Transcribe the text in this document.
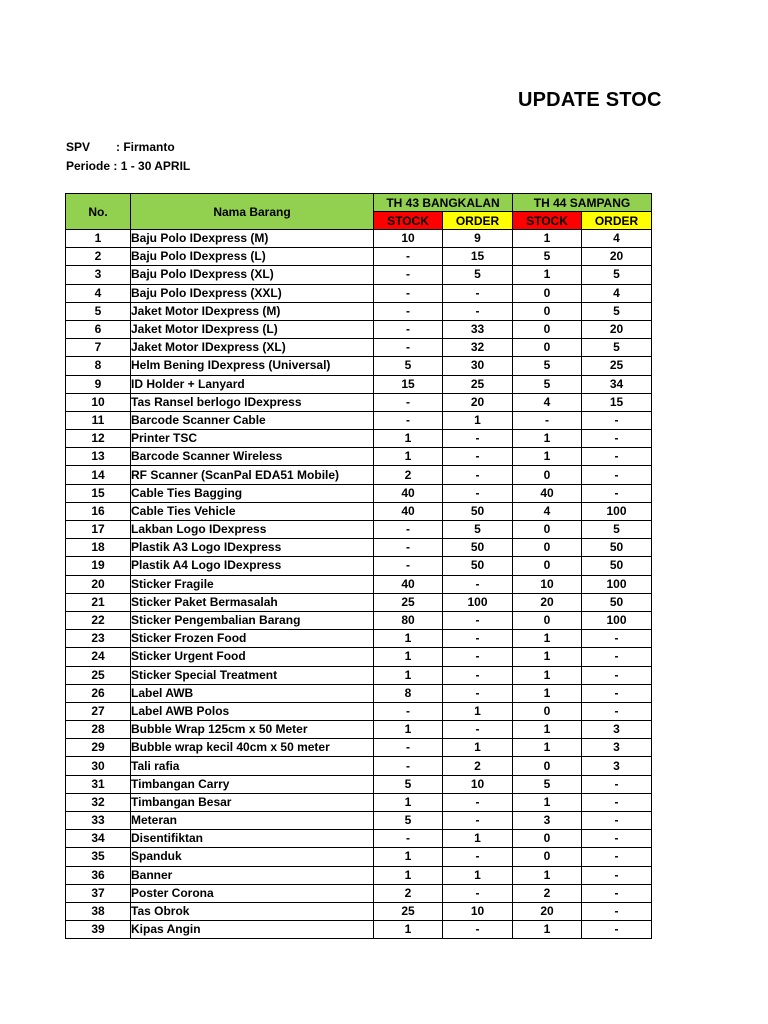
UPDATE STOC
SPV : Firmanto
Periode : 1 - 30 APRIL
No.	Nama Barang	TH 43 BANGKALAN		TH 44 SAMPANG	
		STOCK	ORDER	STOCK	ORDER
1	Baju Polo IDexpress (M)	10	9	1	4
2	Baju Polo IDexpress (L)	-	15	5	20
3	Baju Polo IDexpress (XL)	-	5	1	5
4	Baju Polo IDexpress (XXL)	-	-	0	4
5	Jaket Motor IDexpress (M)	-	-	0	5
6	Jaket Motor IDexpress (L)	-	33	0	20
7	Jaket Motor IDexpress (XL)	-	32	0	5
8	Helm Bening IDexpress (Universal)	5	30	5	25
9	ID Holder + Lanyard	15	25	5	34
10	Tas Ransel berlogo IDexpress	-	20	4	15
11	Barcode Scanner Cable	-	1	-	-
12	Printer TSC	1	-	1	-
13	Barcode Scanner Wireless	1	-	1	-
14	RF Scanner (ScanPal EDA51 Mobile)	2	-	0	-
15	Cable Ties Bagging	40	-	40	-
16	Cable Ties Vehicle	40	50	4	100
17	Lakban Logo IDexpress	-	5	0	5
18	Plastik A3 Logo IDexpress	-	50	0	50
19	Plastik A4 Logo IDexpress	-	50	0	50
20	Sticker Fragile	40	-	10	100
21	Sticker Paket Bermasalah	25	100	20	50
22	Sticker Pengembalian Barang	80	-	0	100
23	Sticker Frozen Food	1	-	1	-
24	Sticker Urgent Food	1	-	1	-
25	Sticker Special Treatment	1	-	1	-
26	Label AWB	8	-	1	-
27	Label AWB Polos	-	1	0	-
28	Bubble Wrap 125cm x 50 Meter	1	-	1	3
29	Bubble wrap kecil 40cm x 50 meter	-	1	1	3
30	Tali rafia	-	2	0	3
31	Timbangan Carry	5	10	5	-
32	Timbangan Besar	1	-	1	-
33	Meteran	5	-	3	-
34	Disentifiktan	-	1	0	-
35	Spanduk	1	-	0	-
36	Banner	1	1	1	-
37	Poster Corona	2	-	2	-
38	Tas Obrok	25	10	20	-
39	Kipas Angin	1	-	1	-
